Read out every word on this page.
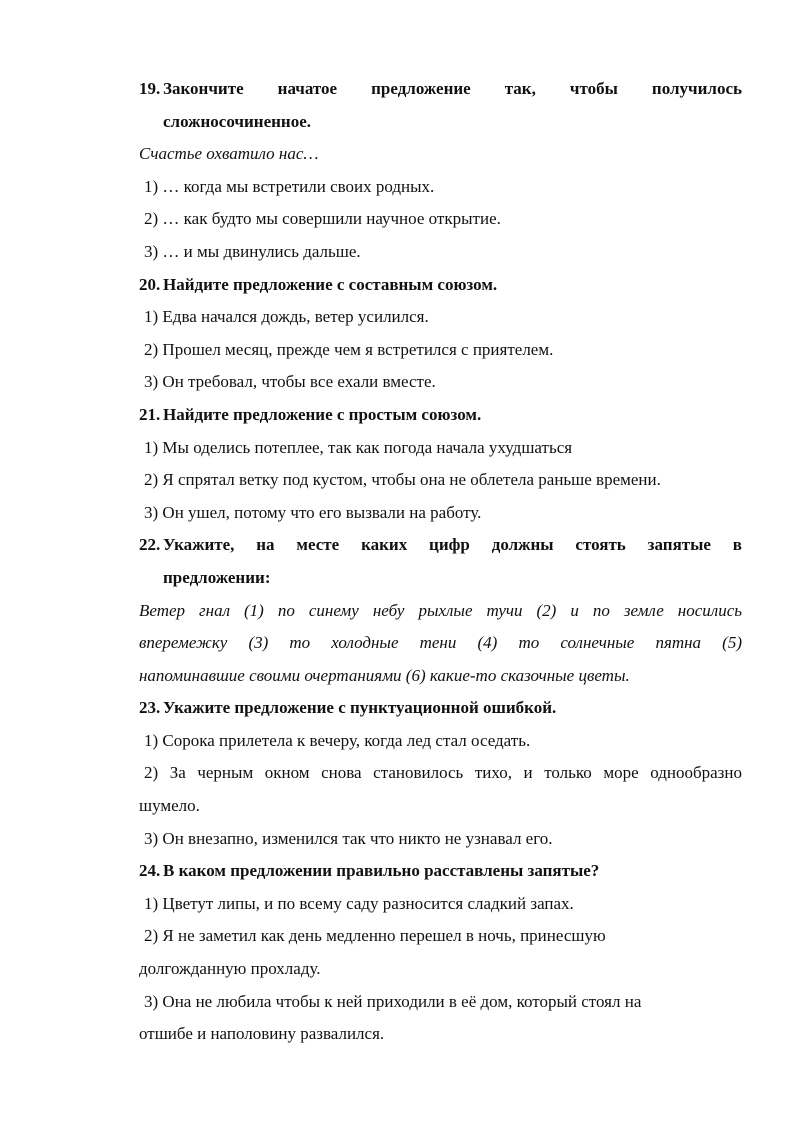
19. Закончите начатое предложение так, чтобы получилось
сложносочиненное.
Счастье охватило нас…
1) … когда мы встретили своих родных.
2) … как будто мы совершили научное открытие.
3) … и мы двинулись дальше.
20. Найдите предложение с составным союзом.
1) Едва начался дождь, ветер усилился.
2) Прошел месяц, прежде чем я встретился с приятелем.
3) Он требовал, чтобы все ехали вместе.
21. Найдите предложение с простым союзом.
1) Мы оделись потеплее, так как погода начала ухудшаться
2) Я спрятал ветку под кустом, чтобы она не облетела раньше времени.
3) Он ушел, потому что его вызвали на работу.
22. Укажите, на месте каких цифр должны стоять запятые в
предложении:
Ветер гнал (1) по синему небу рыхлые тучи (2) и по земле носились
вперемежку (3) то холодные тени (4) то солнечные пятна (5)
напоминавшие своими очертаниями (6) какие-то сказочные цветы.
23. Укажите предложение с пунктуационной ошибкой.
1) Сорока прилетела к вечеру, когда лед стал оседать.
2) За черным окном снова становилось тихо, и только море однообразно
шумело.
3) Он внезапно, изменился так что никто не узнавал его.
24. В каком предложении правильно расставлены запятые?
1) Цветут липы, и по всему саду разносится сладкий запах.
2) Я не заметил как день медленно перешел в ночь, принесшую
долгожданную прохладу.
3) Она не любила чтобы к ней приходили в её дом, который стоял на
отшибе и наполовину развалился.
